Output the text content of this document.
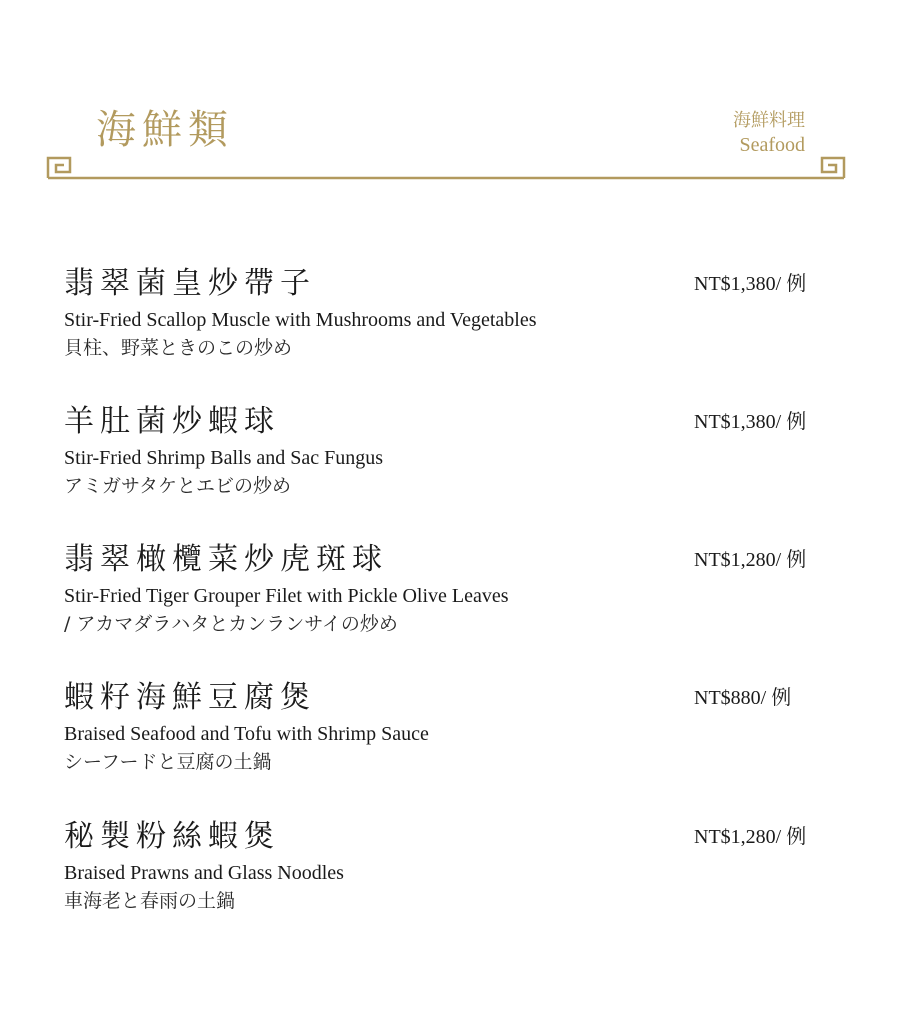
海鮮類	海鮮料理
Seafood
翡翠菌皇炒帶子
Stir-Fried Scallop Muscle with Mushrooms and Vegetables
貝柱、野菜ときのこの炒め
NT$1,380/ 例
羊肚菌炒蝦球
Stir-Fried Shrimp Balls and Sac Fungus
アミガサタケとエビの炒め
NT$1,380/ 例
翡翠橄欖菜炒虎斑球
Stir-Fried Tiger Grouper Filet with Pickle Olive Leaves
/ アカマダラハタとカンランサイの炒め
NT$1,280/ 例
蝦籽海鮮豆腐煲
Braised Seafood and Tofu with Shrimp Sauce
シーフードと豆腐の土鍋
NT$880/ 例
秘製粉絲蝦煲
Braised Prawns and Glass Noodles
車海老と春雨の土鍋
NT$1,280/ 例
